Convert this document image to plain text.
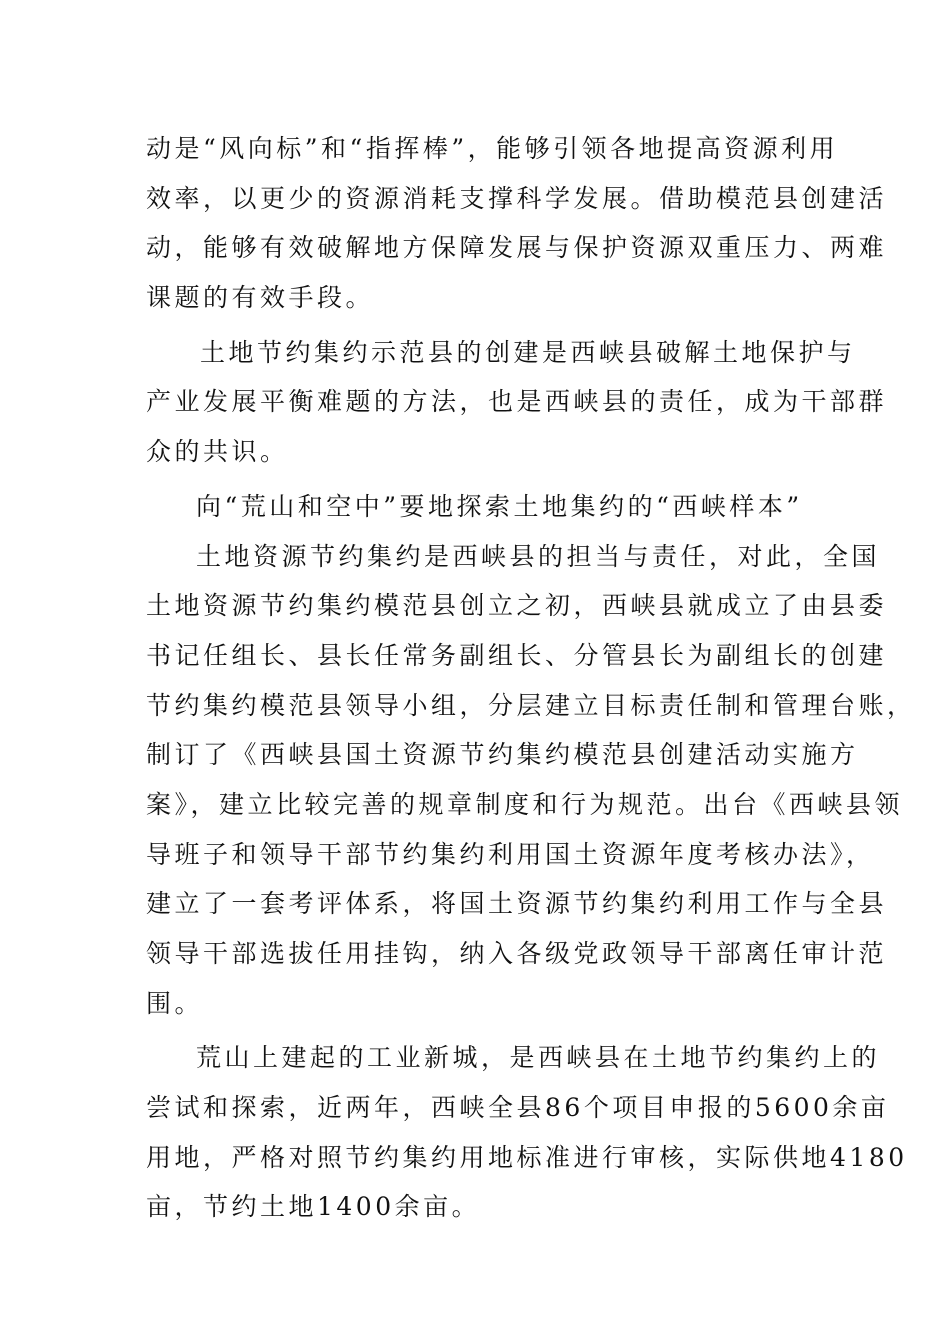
动是“风向标”和“指挥棒”，能够引领各地提高资源利用
效率，以更少的资源消耗支撑科学发展。借助模范县创建活
动，能够有效破解地方保障发展与保护资源双重压力、两难
课题的有效手段。
土地节约集约示范县的创建是西峡县破解土地保护与
产业发展平衡难题的方法，也是西峡县的责任，成为干部群
众的共识。
向“荒山和空中”要地探索土地集约的“西峡样本”
土地资源节约集约是西峡县的担当与责任，对此，全国
土地资源节约集约模范县创立之初，西峡县就成立了由县委
书记任组长、县长任常务副组长、分管县长为副组长的创建
节约集约模范县领导小组，分层建立目标责任制和管理台账，
制订了《西峡县国土资源节约集约模范县创建活动实施方
案》，建立比较完善的规章制度和行为规范。出台《西峡县领
导班子和领导干部节约集约利用国土资源年度考核办法》，
建立了一套考评体系，将国土资源节约集约利用工作与全县
领导干部选拔任用挂钩，纳入各级党政领导干部离任审计范
围。
荒山上建起的工业新城，是西峡县在土地节约集约上的
尝试和探索，近两年，西峡全县86个项目申报的5600余亩
用地，严格对照节约集约用地标准进行审核，实际供地4180
亩，节约土地1400余亩。
